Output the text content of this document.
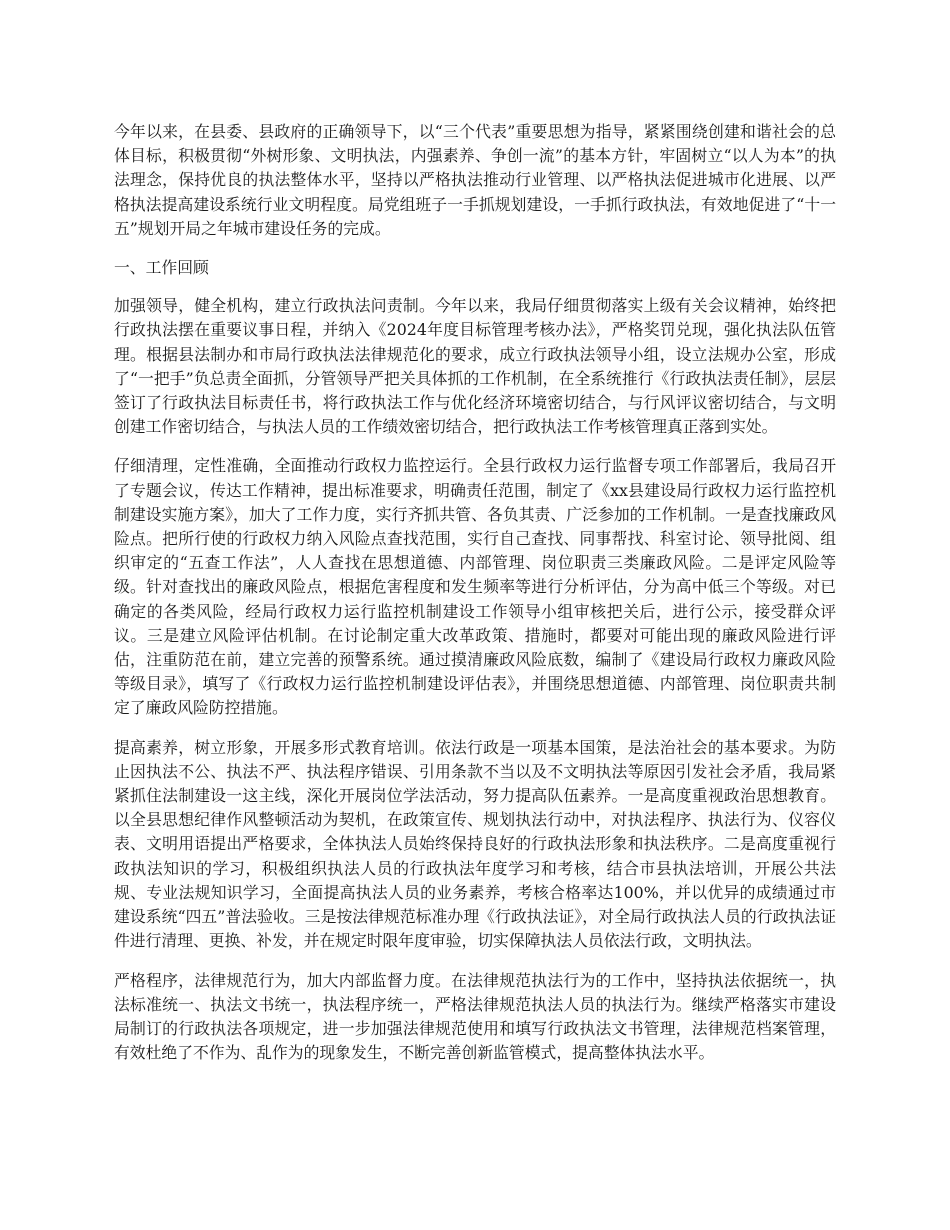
今年以来，在县委、县政府的正确领导下，以“三个代表”重要思想为指导，紧紧围绕创建和谐社会的总体目标，积极贯彻“外树形象、文明执法，内强素养、争创一流”的基本方针，牢固树立“以人为本”的执法理念，保持优良的执法整体水平，坚持以严格执法推动行业管理、以严格执法促进城市化进展、以严格执法提高建设系统行业文明程度。局党组班子一手抓规划建设，一手抓行政执法，有效地促进了“十一五”规划开局之年城市建设任务的完成。

一、工作回顾

加强领导，健全机构，建立行政执法问责制。今年以来，我局仔细贯彻落实上级有关会议精神，始终把行政执法摆在重要议事日程，并纳入《2024年度目标管理考核办法》，严格奖罚兑现，强化执法队伍管理。根据县法制办和市局行政执法法律规范化的要求，成立行政执法领导小组，设立法规办公室，形成了“一把手”负总责全面抓，分管领导严把关具体抓的工作机制，在全系统推行《行政执法责任制》，层层签订了行政执法目标责任书，将行政执法工作与优化经济环境密切结合，与行风评议密切结合，与文明创建工作密切结合，与执法人员的工作绩效密切结合，把行政执法工作考核管理真正落到实处。

仔细清理，定性准确，全面推动行政权力监控运行。全县行政权力运行监督专项工作部署后，我局召开了专题会议，传达工作精神，提出标准要求，明确责任范围，制定了《xx县建设局行政权力运行监控机制建设实施方案》，加大了工作力度，实行齐抓共管、各负其责、广泛参加的工作机制。一是查找廉政风险点。把所行使的行政权力纳入风险点查找范围，实行自己查找、同事帮找、科室讨论、领导批阅、组织审定的“五查工作法”，人人查找在思想道德、内部管理、岗位职责三类廉政风险。二是评定风险等级。针对查找出的廉政风险点，根据危害程度和发生频率等进行分析评估，分为高中低三个等级。对已确定的各类风险，经局行政权力运行监控机制建设工作领导小组审核把关后，进行公示，接受群众评议。三是建立风险评估机制。在讨论制定重大改革政策、措施时，都要对可能出现的廉政风险进行评估，注重防范在前，建立完善的预警系统。通过摸清廉政风险底数，编制了《建设局行政权力廉政风险等级目录》，填写了《行政权力运行监控机制建设评估表》，并围绕思想道德、内部管理、岗位职责共制定了廉政风险防控措施。

提高素养，树立形象，开展多形式教育培训。依法行政是一项基本国策，是法治社会的基本要求。为防止因执法不公、执法不严、执法程序错误、引用条款不当以及不文明执法等原因引发社会矛盾，我局紧紧抓住法制建设一这主线，深化开展岗位学法活动，努力提高队伍素养。一是高度重视政治思想教育。以全县思想纪律作风整顿活动为契机，在政策宣传、规划执法行动中，对执法程序、执法行为、仪容仪表、文明用语提出严格要求，全体执法人员始终保持良好的行政执法形象和执法秩序。二是高度重视行政执法知识的学习，积极组织执法人员的行政执法年度学习和考核，结合市县执法培训，开展公共法规、专业法规知识学习，全面提高执法人员的业务素养，考核合格率达100%，并以优异的成绩通过市建设系统“四五”普法验收。三是按法律规范标准办理《行政执法证》，对全局行政执法人员的行政执法证件进行清理、更换、补发，并在规定时限年度审验，切实保障执法人员依法行政，文明执法。

严格程序，法律规范行为，加大内部监督力度。在法律规范执法行为的工作中，坚持执法依据统一，执法标准统一、执法文书统一，执法程序统一，严格法律规范执法人员的执法行为。继续严格落实市建设局制订的行政执法各项规定，进一步加强法律规范使用和填写行政执法文书管理，法律规范档案管理，有效杜绝了不作为、乱作为的现象发生，不断完善创新监管模式，提高整体执法水平。
